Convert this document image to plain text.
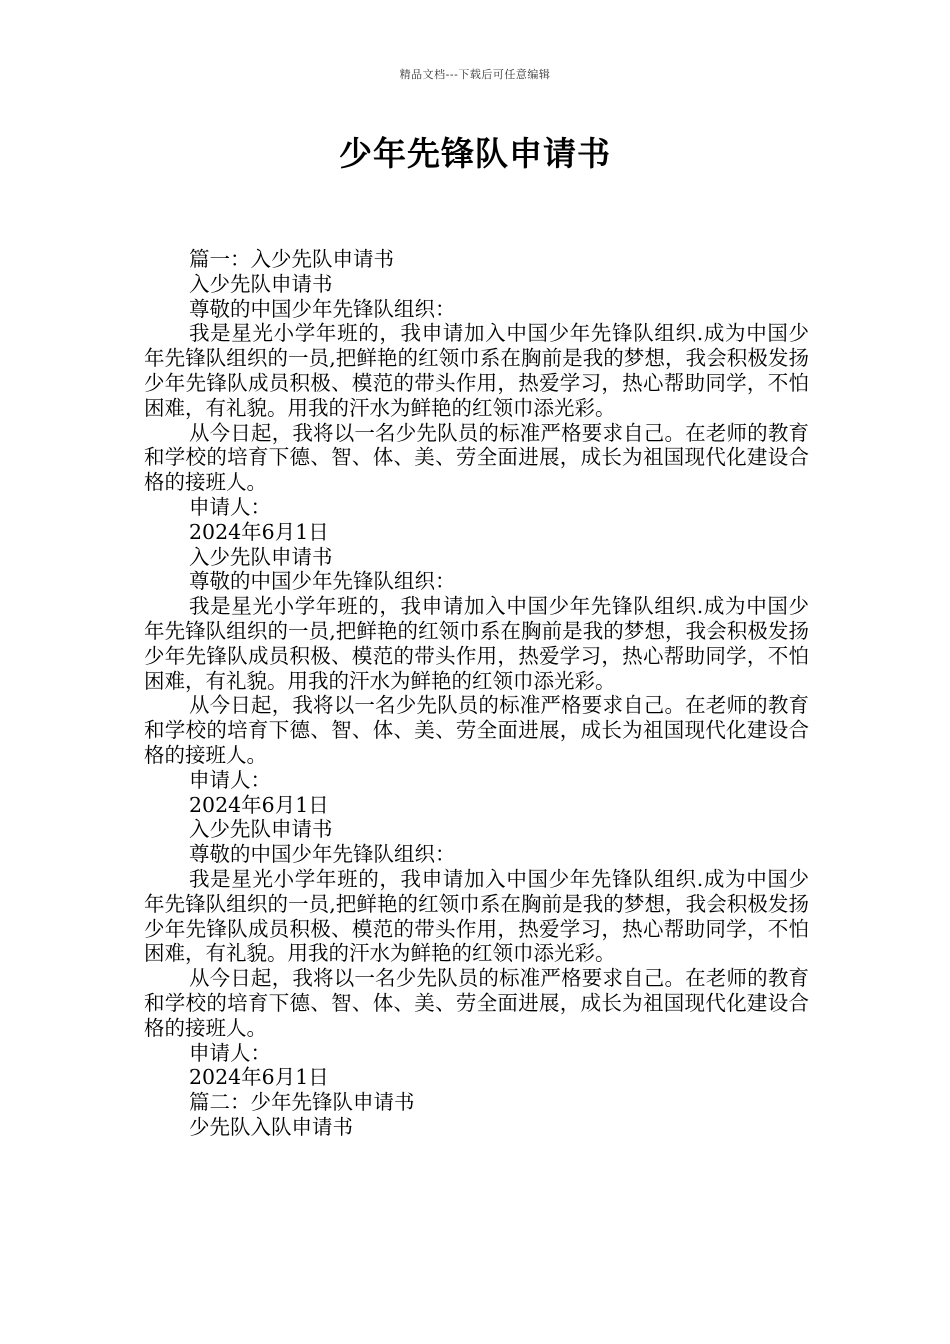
精品文档---下载后可任意编辑
少年先锋队申请书

篇一：入少先队申请书

入少先队申请书

尊敬的中国少年先锋队组织：

我是星光小学年班的，我申请加入中国少年先锋队组织.成为中国少年先锋队组织的一员,把鲜艳的红领巾系在胸前是我的梦想，我会积极发扬少年先锋队成员积极、模范的带头作用，热爱学习，热心帮助同学，不怕困难，有礼貌。用我的汗水为鲜艳的红领巾添光彩。

从今日起，我将以一名少先队员的标准严格要求自己。在老师的教育和学校的培育下德、智、体、美、劳全面进展，成长为祖国现代化建设合格的接班人。

申请人：

2024年6月1日

入少先队申请书

尊敬的中国少年先锋队组织：

我是星光小学年班的，我申请加入中国少年先锋队组织.成为中国少年先锋队组织的一员,把鲜艳的红领巾系在胸前是我的梦想，我会积极发扬少年先锋队成员积极、模范的带头作用，热爱学习，热心帮助同学，不怕困难，有礼貌。用我的汗水为鲜艳的红领巾添光彩。

从今日起，我将以一名少先队员的标准严格要求自己。在老师的教育和学校的培育下德、智、体、美、劳全面进展，成长为祖国现代化建设合格的接班人。

申请人：

2024年6月1日

入少先队申请书

尊敬的中国少年先锋队组织：

我是星光小学年班的，我申请加入中国少年先锋队组织.成为中国少年先锋队组织的一员,把鲜艳的红领巾系在胸前是我的梦想，我会积极发扬少年先锋队成员积极、模范的带头作用，热爱学习，热心帮助同学，不怕困难，有礼貌。用我的汗水为鲜艳的红领巾添光彩。

从今日起，我将以一名少先队员的标准严格要求自己。在老师的教育和学校的培育下德、智、体、美、劳全面进展，成长为祖国现代化建设合格的接班人。

申请人：

2024年6月1日

篇二：少年先锋队申请书

少先队入队申请书
